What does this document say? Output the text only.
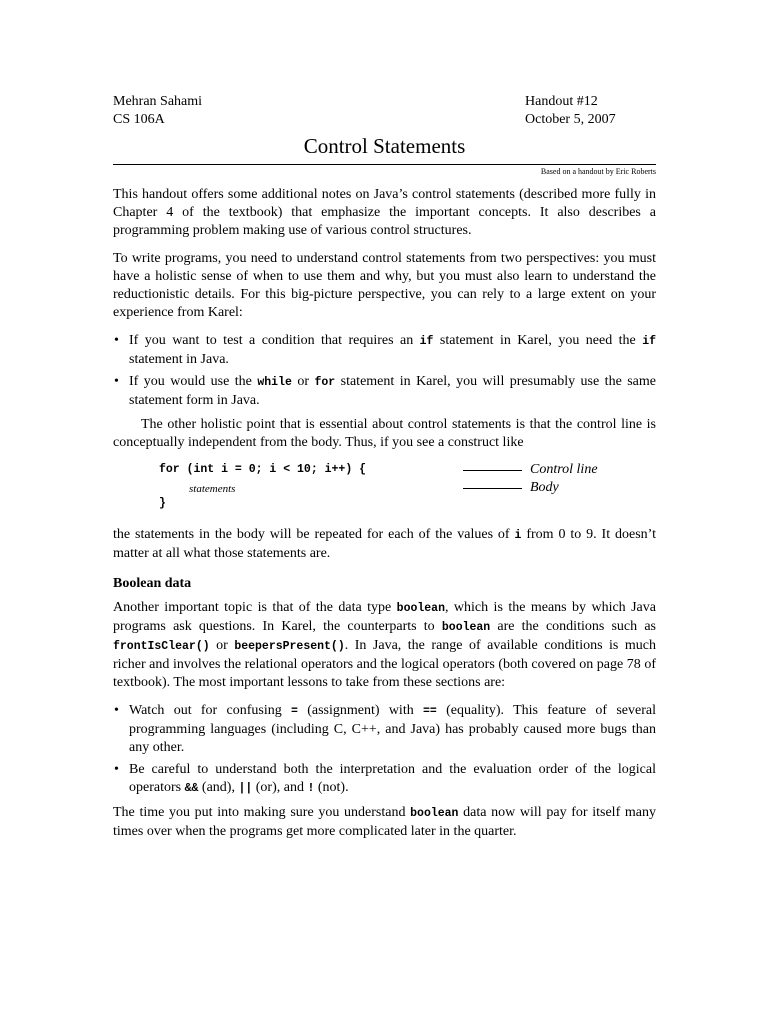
Mehran Sahami
CS 106A
Handout #12
October 5, 2007
Control Statements
Based on a handout by Eric Roberts

This handout offers some additional notes on Java’s control statements (described more fully in Chapter 4 of the textbook) that emphasize the important concepts. It also describes a programming problem making use of various control structures.

To write programs, you need to understand control statements from two perspectives: you must have a holistic sense of when to use them and why, but you must also learn to understand the reductionistic details. For this big-picture perspective, you can rely to a large extent on your experience from Karel:

• If you want to test a condition that requires an if statement in Karel, you need the if statement in Java.
• If you would use the while or for statement in Karel, you will presumably use the same statement form in Java.

The other holistic point that is essential about control statements is that the control line is conceptually independent from the body. Thus, if you see a construct like

for (int i = 0; i < 10; i++) {
statements
}
Control line
Body

the statements in the body will be repeated for each of the values of i from 0 to 9. It doesn’t matter at all what those statements are.

Boolean data

Another important topic is that of the data type boolean, which is the means by which Java programs ask questions. In Karel, the counterparts to boolean are the conditions such as frontIsClear() or beepersPresent(). In Java, the range of available conditions is much richer and involves the relational operators and the logical operators (both covered on page 78 of textbook). The most important lessons to take from these sections are:

• Watch out for confusing = (assignment) with == (equality). This feature of several programming languages (including C, C++, and Java) has probably caused more bugs than any other.
• Be careful to understand both the interpretation and the evaluation order of the logical operators && (and), || (or), and ! (not).

The time you put into making sure you understand boolean data now will pay for itself many times over when the programs get more complicated later in the quarter.
